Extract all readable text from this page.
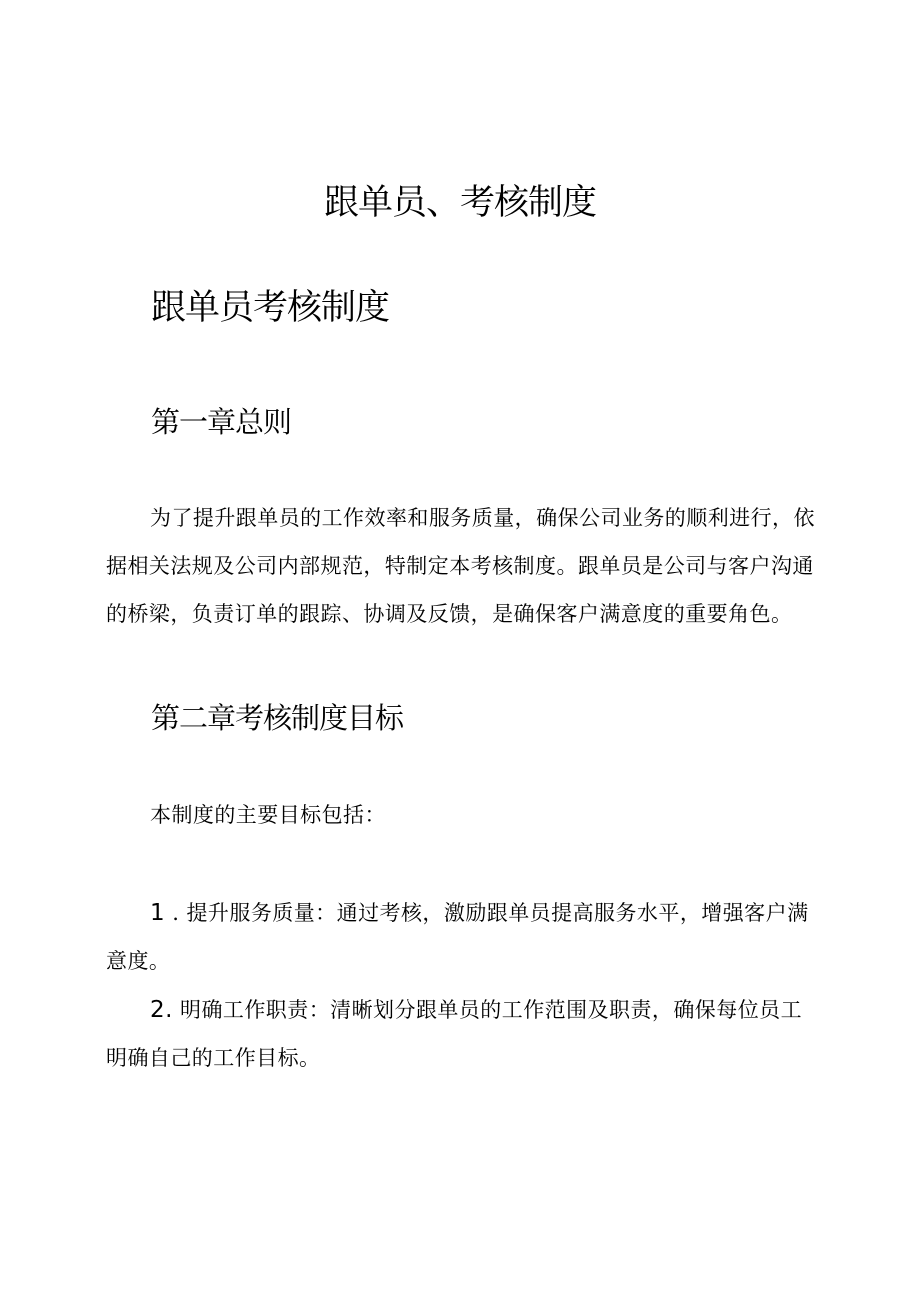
跟单员、考核制度
跟单员考核制度
第一章总则

为了提升跟单员的工作效率和服务质量，确保公司业务的顺利进行，依据相关法规及公司内部规范，特制定本考核制度。跟单员是公司与客户沟通的桥梁，负责订单的跟踪、协调及反馈，是确保客户满意度的重要角色。

第二章考核制度目标

本制度的主要目标包括：

1 . 提升服务质量：通过考核，激励跟单员提高服务水平，增强客户满意度。

2. 明确工作职责：清晰划分跟单员的工作范围及职责，确保每位员工明确自己的工作目标。
